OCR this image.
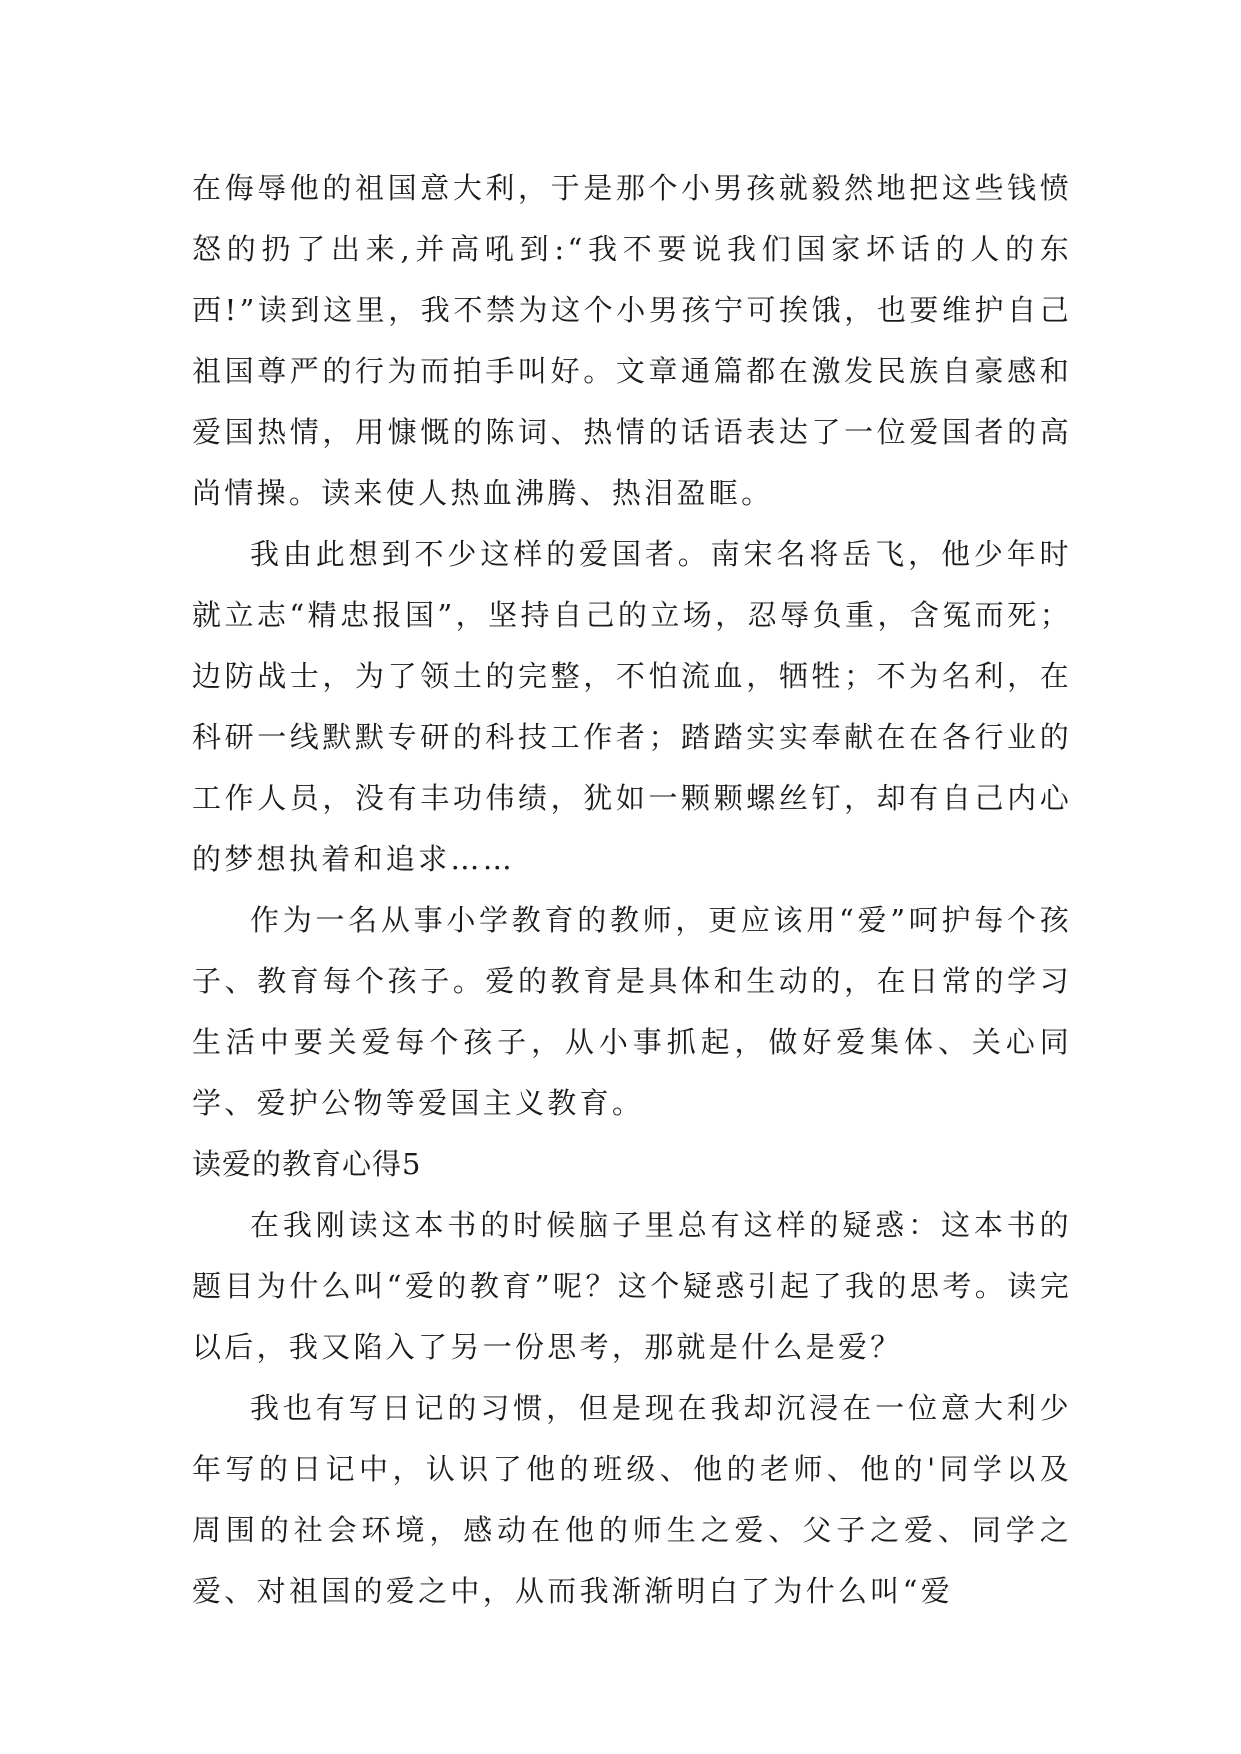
在侮辱他的祖国意大利，于是那个小男孩就毅然地把这些钱愤怒的扔了出来,并高吼到:“我不要说我们国家坏话的人的东西!”读到这里，我不禁为这个小男孩宁可挨饿，也要维护自己祖国尊严的行为而拍手叫好。文章通篇都在激发民族自豪感和爱国热情，用慷慨的陈词、热情的话语表达了一位爱国者的高尚情操。读来使人热血沸腾、热泪盈眶。

我由此想到不少这样的爱国者。南宋名将岳飞，他少年时就立志“精忠报国”，坚持自己的立场，忍辱负重，含冤而死；边防战士，为了领土的完整，不怕流血，牺牲；不为名利，在科研一线默默专研的科技工作者；踏踏实实奉献在在各行业的工作人员，没有丰功伟绩，犹如一颗颗螺丝钉，却有自己内心的梦想执着和追求……

作为一名从事小学教育的教师，更应该用“爱”呵护每个孩子、教育每个孩子。爱的教育是具体和生动的，在日常的学习生活中要关爱每个孩子，从小事抓起，做好爱集体、关心同学、爱护公物等爱国主义教育。

读爱的教育心得5

在我刚读这本书的时候脑子里总有这样的疑惑：这本书的题目为什么叫“爱的教育”呢？这个疑惑引起了我的思考。读完以后，我又陷入了另一份思考，那就是什么是爱？

我也有写日记的习惯，但是现在我却沉浸在一位意大利少年写的日记中，认识了他的班级、他的老师、他的'同学以及周围的社会环境，感动在他的师生之爱、父子之爱、同学之爱、对祖国的爱之中，从而我渐渐明白了为什么叫“爱
